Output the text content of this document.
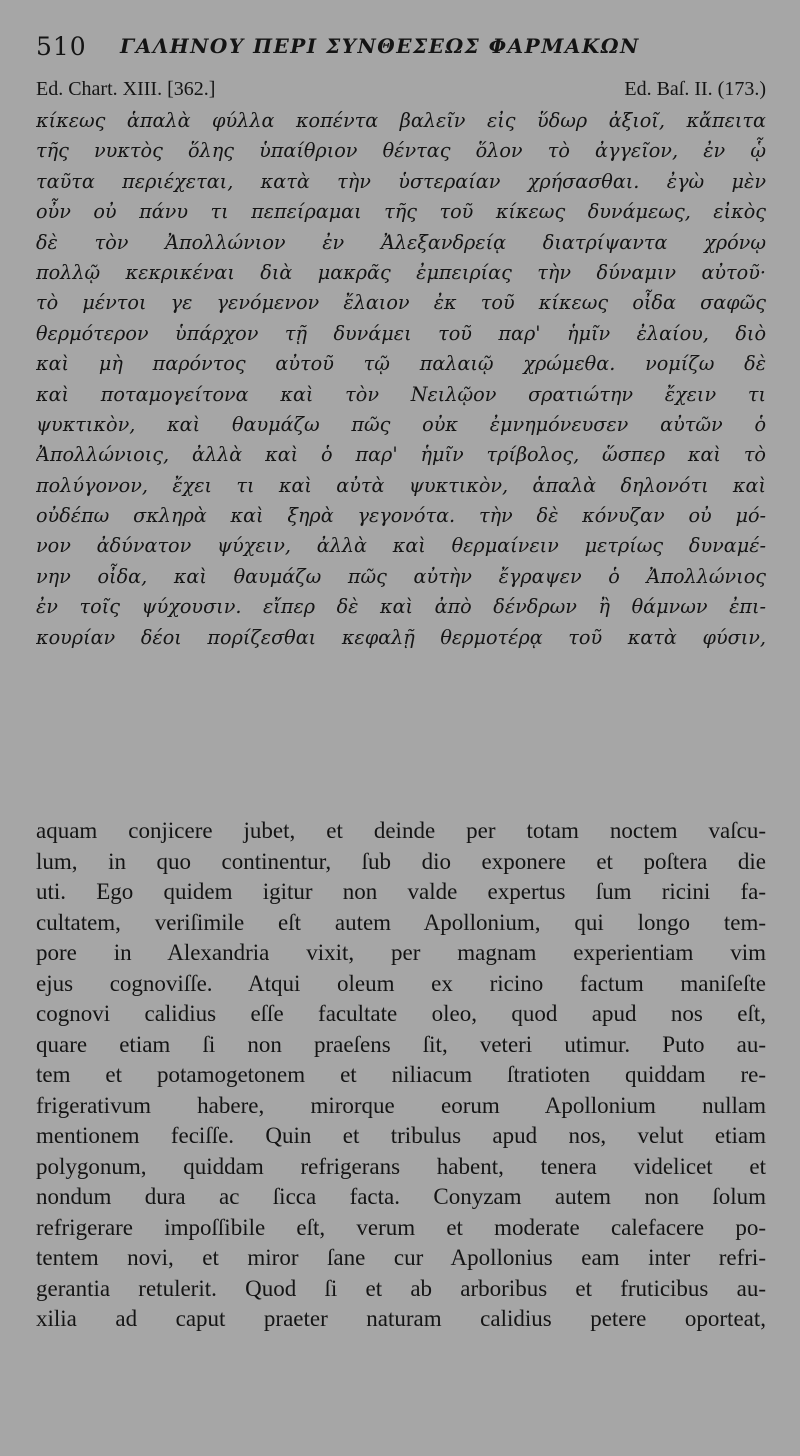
510 ΓΑΛΗΝΟΥ ΠΕΡΙ ΣΥΝΘΕΣΕΩΣ ΦΑΡΜΑΚΩΝ
Ed. Chart. XIII. [362.]	Ed. Baſ. II. (173.)
κίκεως ἁπαλὰ φύλλα κοπέντα βαλεῖν εἰς ὕδωρ ἀξιοῖ, κἄπειτα
τῆς νυκτὸς ὅλης ὑπαίθριον θέντας ὅλον τὸ ἀγγεῖον, ἐν ᾧ
ταῦτα περιέχεται, κατὰ τὴν ὑστεραίαν χρήσασθαι. ἐγὼ μὲν
οὖν οὐ πάνυ τι πεπείραμαι τῆς τοῦ κίκεως δυνάμεως, εἰκὸς
δὲ τὸν Ἀπολλώνιον ἐν Ἀλεξανδρείᾳ διατρίψαντα χρόνῳ
πολλῷ κεκρικέναι διὰ μακρᾶς ἐμπειρίας τὴν δύναμιν αὐτοῦ·
τὸ μέντοι γε γενόμενον ἔλαιον ἐκ τοῦ κίκεως οἶδα σαφῶς
θερμότερον ὑπάρχον τῇ δυνάμει τοῦ παρ' ἡμῖν ἐλαίου, διὸ
καὶ μὴ παρόντος αὐτοῦ τῷ παλαιῷ χρώμεθα. νομίζω δὲ
καὶ ποταμογείτονα καὶ τὸν Νειλῷον σρατιώτην ἔχειν τι
ψυκτικὸν, καὶ θαυμάζω πῶς οὐκ ἐμνημόνευσεν αὐτῶν ὁ
Ἀπολλώνιοις, ἀλλὰ καὶ ὁ παρ' ἡμῖν τρίβολος, ὥσπερ καὶ τὸ
πολύγονον, ἔχει τι καὶ αὐτὰ ψυκτικὸν, ἁπαλὰ δηλονότι καὶ
οὐδέπω σκληρὰ καὶ ξηρὰ γεγονότα. τὴν δὲ κόνυζαν οὐ μό-
νον ἀδύνατον ψύχειν, ἀλλὰ καὶ θερμαίνειν μετρίως δυναμέ-
νην οἶδα, καὶ θαυμάζω πῶς αὐτὴν ἔγραψεν ὁ Ἀπολλώνιος
ἐν τοῖς ψύχουσιν. εἴπερ δὲ καὶ ἀπὸ δένδρων ἢ θάμνων ἐπι-
κουρίαν δέοι πορίζεσθαι κεφαλῇ θερμοτέρᾳ τοῦ κατὰ φύσιν,
aquam conjicere jubet, et deinde per totam noctem vaſcu-
lum, in quo continentur, ſub dio exponere et poſtera die
uti. Ego quidem igitur non valde expertus ſum ricini fa-
cultatem, veriſimile eſt autem Apollonium, qui longo tem-
pore in Alexandria vixit, per magnam experientiam vim
ejus cognoviſſe. Atqui oleum ex ricino factum maniſeſte
cognovi calidius eſſe facultate oleo, quod apud nos eſt,
quare etiam ſi non praeſens ſit, veteri utimur. Puto au-
tem et potamogetonem et niliacum ſtratioten quiddam re-
frigerativum habere, mirorque eorum Apollonium nullam
mentionem feciſſe. Quin et tribulus apud nos, velut etiam
polygonum, quiddam refrigerans habent, tenera videlicet et
nondum dura ac ſicca facta. Conyzam autem non ſolum
refrigerare impoſſibile eſt, verum et moderate calefacere po-
tentem novi, et miror ſane cur Apollonius eam inter refri-
gerantia retulerit. Quod ſi et ab arboribus et fruticibus au-
xilia ad caput praeter naturam calidius petere oporteat,
